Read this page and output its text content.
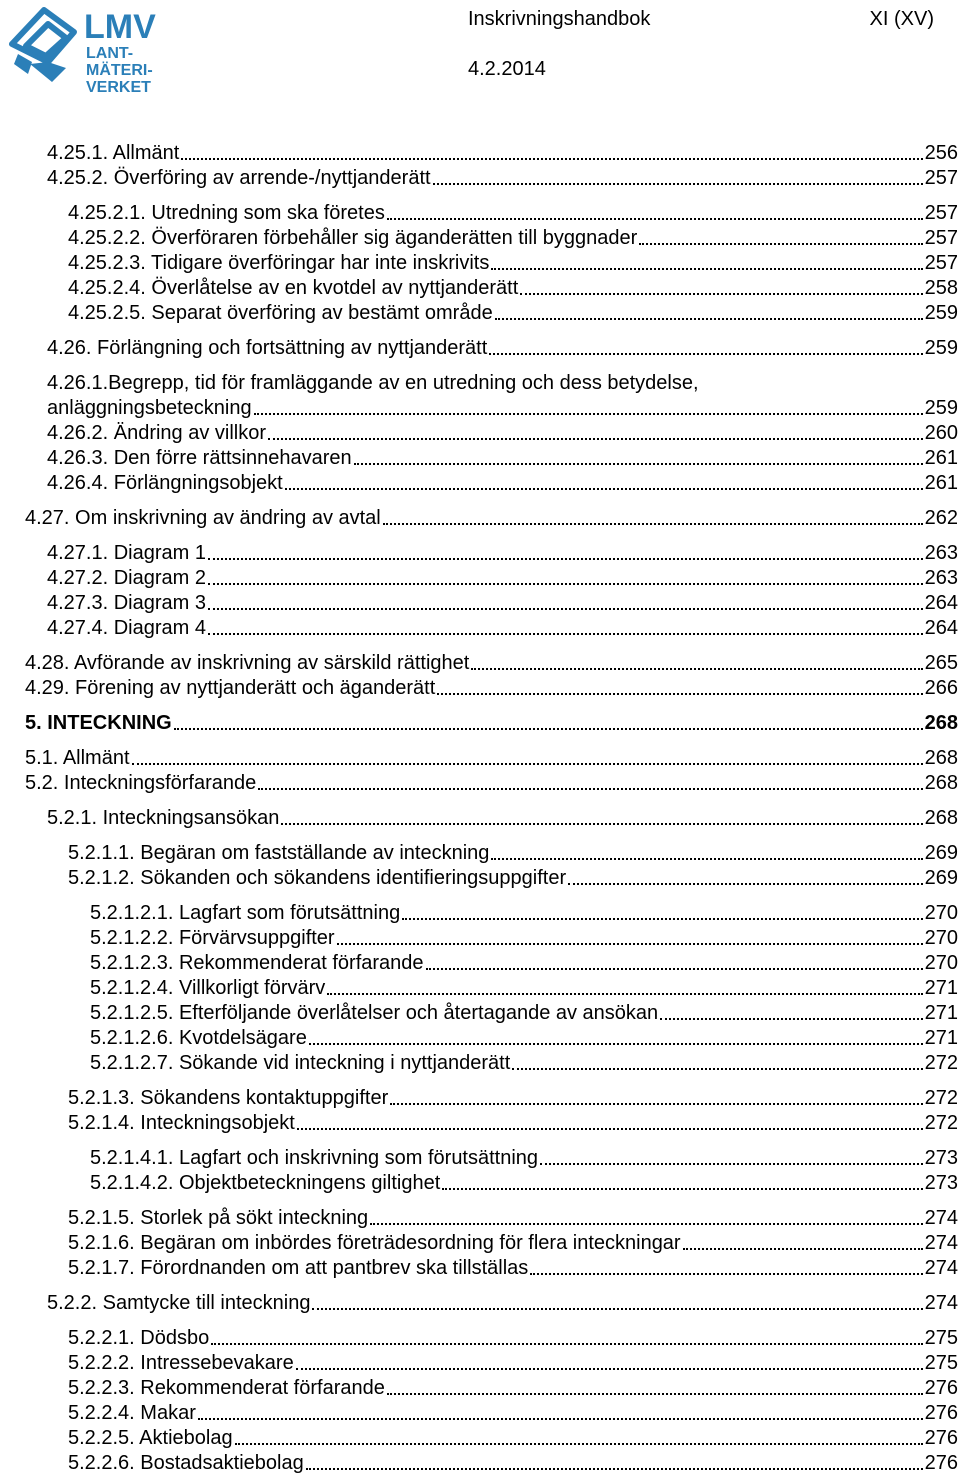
LMV
LANT-
MÄTERI-
VERKET
Inskrivningshandbok	XI (XV)
4.2.2014
4.25.1. Allmänt	256
4.25.2. Överföring av arrende-/nyttjanderätt	257
4.25.2.1. Utredning som ska företes	257
4.25.2.2. Överföraren förbehåller sig äganderätten till byggnader	257
4.25.2.3. Tidigare överföringar har inte inskrivits	257
4.25.2.4. Överlåtelse av en kvotdel av nyttjanderätt	258
4.25.2.5. Separat överföring av bestämt område	259
4.26. Förlängning och fortsättning av nyttjanderätt	259
4.26.1. Begrepp, tid för framläggande av en utredning och dess betydelse,
anläggningsbeteckning	259
4.26.2. Ändring av villkor	260
4.26.3. Den förre rättsinnehavaren	261
4.26.4. Förlängningsobjekt	261
4.27. Om inskrivning av ändring av avtal	262
4.27.1. Diagram 1	263
4.27.2. Diagram 2	263
4.27.3. Diagram 3	264
4.27.4. Diagram 4	264
4.28. Avförande av inskrivning av särskild rättighet	265
4.29. Förening av nyttjanderätt och äganderätt	266
5. INTECKNING	268
5.1. Allmänt	268
5.2. Inteckningsförfarande	268
5.2.1. Inteckningsansökan	268
5.2.1.1. Begäran om fastställande av inteckning	269
5.2.1.2. Sökanden och sökandens identifieringsuppgifter	269
5.2.1.2.1. Lagfart som förutsättning	270
5.2.1.2.2. Förvärvsuppgifter	270
5.2.1.2.3. Rekommenderat förfarande	270
5.2.1.2.4. Villkorligt förvärv	271
5.2.1.2.5. Efterföljande överlåtelser och återtagande av ansökan	271
5.2.1.2.6. Kvotdelsägare	271
5.2.1.2.7. Sökande vid inteckning i nyttjanderätt	272
5.2.1.3. Sökandens kontaktuppgifter	272
5.2.1.4. Inteckningsobjekt	272
5.2.1.4.1. Lagfart och inskrivning som förutsättning	273
5.2.1.4.2. Objektbeteckningens giltighet	273
5.2.1.5. Storlek på sökt inteckning	274
5.2.1.6. Begäran om inbördes företrädesordning för flera inteckningar	274
5.2.1.7. Förordnanden om att pantbrev ska tillställas	274
5.2.2. Samtycke till inteckning	274
5.2.2.1. Dödsbo	275
5.2.2.2. Intressebevakare	275
5.2.2.3. Rekommenderat förfarande	276
5.2.2.4. Makar	276
5.2.2.5. Aktiebolag	276
5.2.2.6. Bostadsaktiebolag	276
